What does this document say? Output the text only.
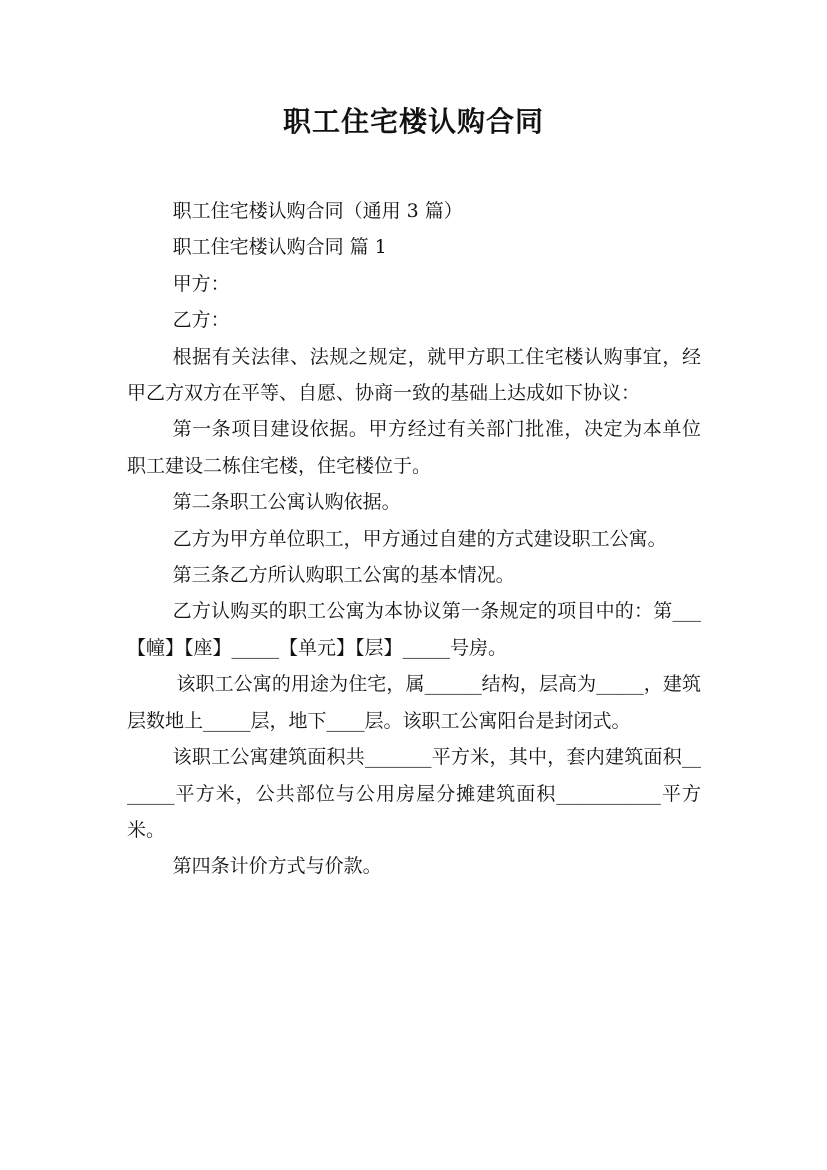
职工住宅楼认购合同

职工住宅楼认购合同（通用 3 篇）

职工住宅楼认购合同 篇 1

甲方：

乙方：

根据有关法律、法规之规定，就甲方职工住宅楼认购事宜，经甲乙方双方在平等、自愿、协商一致的基础上达成如下协议：

第一条项目建设依据。甲方经过有关部门批准，决定为本单位职工建设二栋住宅楼，住宅楼位于。

第二条职工公寓认购依据。

乙方为甲方单位职工，甲方通过自建的方式建设职工公寓。

第三条乙方所认购职工公寓的基本情况。

乙方认购买的职工公寓为本协议第一条规定的项目中的：第___【幢】【座】_____【单元】【层】_____号房。

该职工公寓的用途为住宅，属______结构，层高为_____，建筑层数地上_____层，地下____层。该职工公寓阳台是封闭式。

该职工公寓建筑面积共_______平方米，其中，套内建筑面积_______平方米，公共部位与公用房屋分摊建筑面积___________平方米。

第四条计价方式与价款。
